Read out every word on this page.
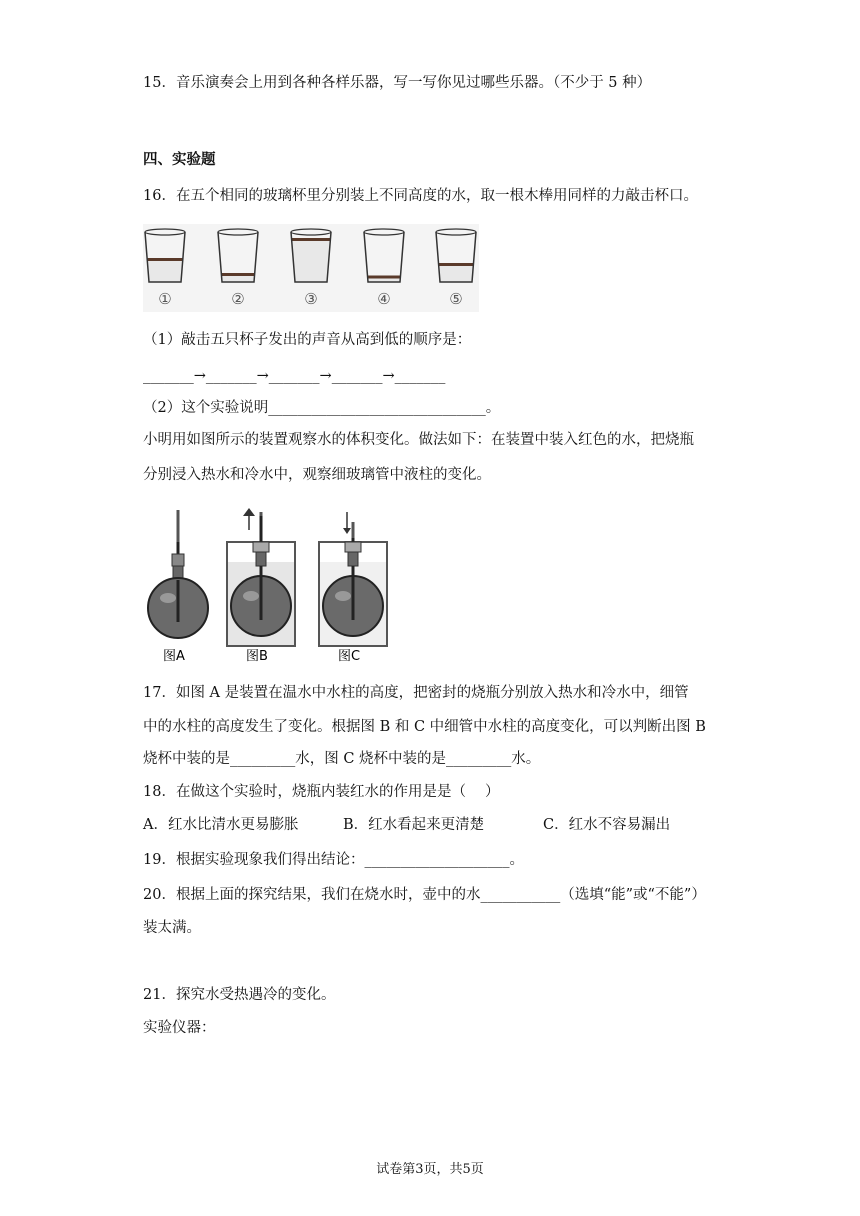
15．音乐演奏会上用到各种各样乐器，写一写你见过哪些乐器。（不少于 5 种）
四、实验题
16．在五个相同的玻璃杯里分别装上不同高度的水，取一根木棒用同样的力敲击杯口。
①	②	③	④	⑤
（1）敲击五只杯子发出的声音从高到低的顺序是：
_______→_______→_______→_______→_______
（2）这个实验说明______________________________。
小明用如图所示的装置观察水的体积变化。做法如下：在装置中装入红色的水，把烧瓶
分别浸入热水和冷水中，观察细玻璃管中液柱的变化。
图A	图B	图C
17．如图 A 是装置在温水中水柱的高度，把密封的烧瓶分别放入热水和冷水中，细管
中的水柱的高度发生了变化。根据图 B 和 C 中细管中水柱的高度变化，可以判断出图 B
烧杯中装的是_________水，图 C 烧杯中装的是_________水。
18．在做这个实验时，烧瓶内装红水的作用是是（　 ）
A．红水比清水更易膨胀	B．红水看起来更清楚	C．红水不容易漏出
19．根据实验现象我们得出结论：____________________。
20．根据上面的探究结果，我们在烧水时，壶中的水___________（选填“能”或“不能”）
装太满。
21．探究水受热遇冷的变化。
实验仪器：
试卷第3页，共5页
